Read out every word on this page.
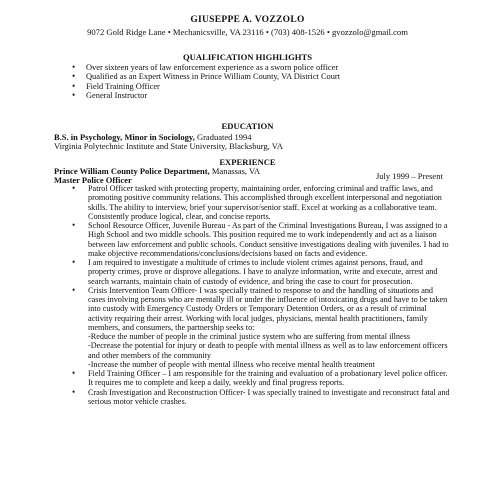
GIUSEPPE A. VOZZOLO
9072 Gold Ridge Lane • Mechanicsville, VA 23116 • (703) 408-1526 • gvozzolo@gmail.com
QUALIFICATION HIGHLIGHTS
• Over sixteen years of law enforcement experience as a sworn police officer
• Qualified as an Expert Witness in Prince William County, VA District Court
• Field Training Officer
• General Instructor
EDUCATION
B.S. in Psychology, Minor in Sociology, Graduated 1994
Virginia Polytechnic Institute and State University, Blacksburg, VA
EXPERIENCE
Prince William County Police Department, Manassas, VA
Master Police Officer	July 1999 – Present
• Patrol Officer tasked with protecting property, maintaining order, enforcing criminal and traffic laws, and promoting positive community relations. This accomplished through excellent interpersonal and negotiation skills. The ability to interview, brief your supervisor/senior staff. Excel at working as a collaborative team. Consistently produce logical, clear, and concise reports.
• School Resource Officer, Juvenile Bureau - As part of the Criminal Investigations Bureau, I was assigned to a High School and two middle schools. This position required me to work independently and act as a liaison between law enforcement and public schools. Conduct sensitive investigations dealing with juveniles. I had to make objective recommendations/conclusions/decisions based on facts and evidence.
• I am required to investigate a multitude of crimes to include violent crimes against persons, fraud, and property crimes, prove or disprove allegations. I have to analyze information, write and execute, arrest and search warrants, maintain chain of custody of evidence, and bring the case to court for prosecution.
• Crisis Intervention Team Officer- I was specially trained to response to and the handling of situations and cases involving persons who are mentally ill or under the influence of intoxicating drugs and have to be taken into custody with Emergency Custody Orders or Temporary Detention Orders, or as a result of criminal activity requiring their arrest. Working with local judges, physicians, mental health practitioners, family members, and consumers, the partnership seeks to:
-Reduce the number of people in the criminal justice system who are suffering from mental illness
-Decrease the potential for injury or death to people with mental illness as well as to law enforcement officers and other members of the community
-Increase the number of people with mental illness who receive mental health treatment
• Field Training Officer – I am responsible for the training and evaluation of a probationary level police officer. It requires me to complete and keep a daily, weekly and final progress reports.
• Crash Investigation and Reconstruction Officer- I was specially trained to investigate and reconstruct fatal and serious motor vehicle crashes.
